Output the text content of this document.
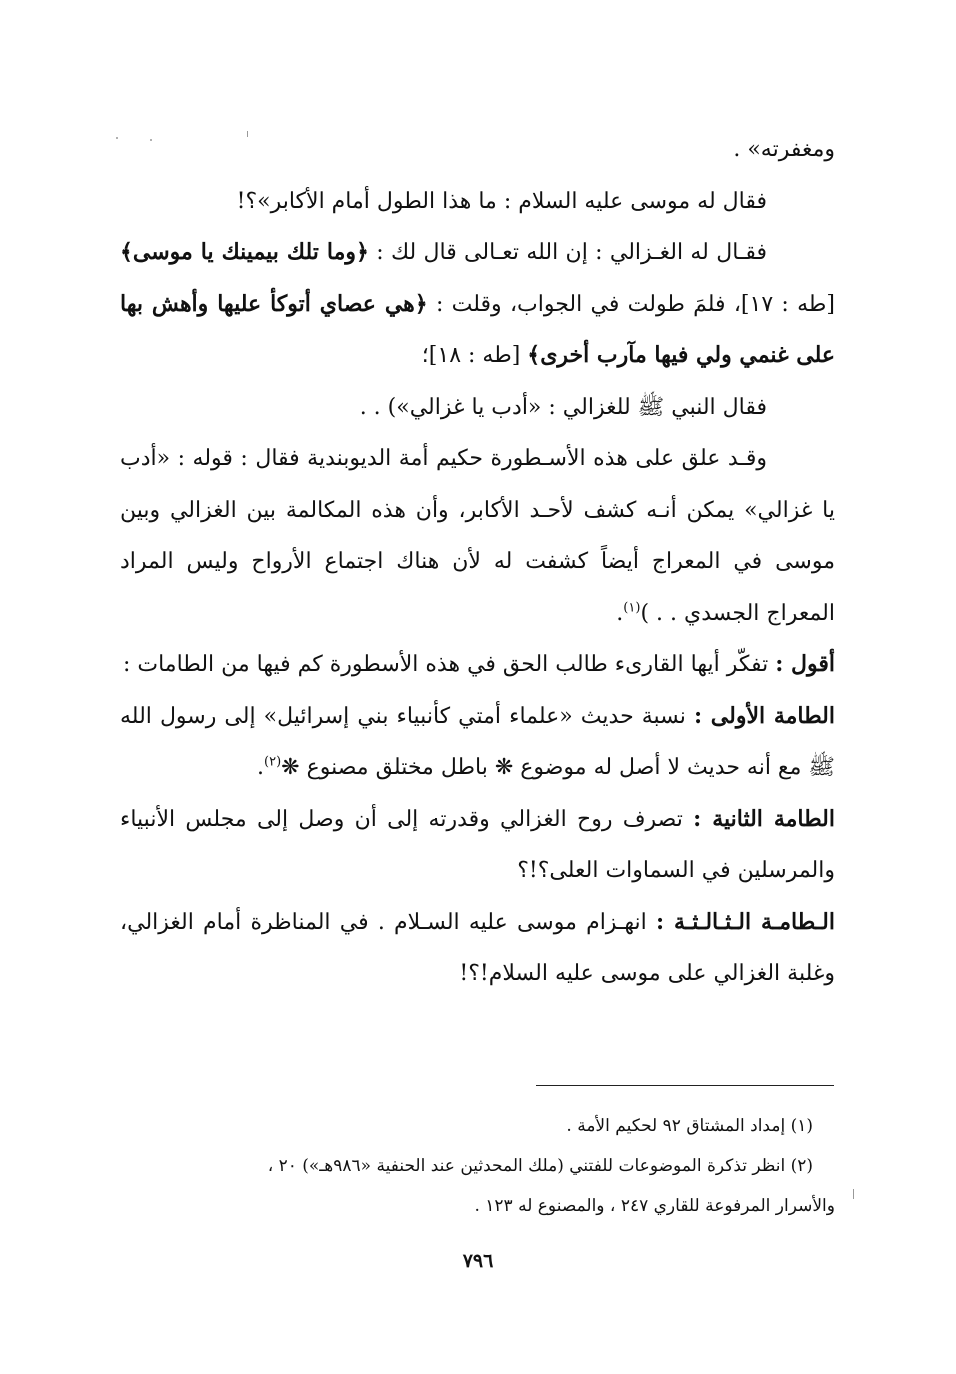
ومغفرته» .

فقال له موسى عليه السلام : ما هذا الطول أمام الأكابر»؟!

فقـال له الغـزالي : إن الله تعـالى قال لك : ﴿وما تلك بيمينك يا موسى﴾ [طه : ١٧]، فلمَ طولت في الجواب، وقلت : ﴿هي عصاي أتوكأ عليها وأهش بها على غنمي ولي فيها مآرب أخرى﴾ [طه : ١٨]؛

فقال النبي ﷺ للغزالي : «أدب يا غزالي») . .

وقـد علق على هذه الأسـطورة حكيم أمة الديوبندية فقال : قوله : «أدب يا غزالي» يمكن أنـه كشف لأحـد الأكابر، وأن هذه المكالمة بين الغزالي وبين موسى في المعراج أيضاً كشفت له لأن هناك اجتماع الأرواح وليس المراد المعراج الجسدي . . )$^{(١)}$.

أقول : تفكّر أيها القارىء طالب الحق في هذه الأسطورة كم فيها من الطامات :

الطامة الأولى : نسبة حديث «علماء أمتي كأنبياء بني إسرائيل» إلى رسول الله ﷺ مع أنه حديث لا أصل له موضوع ❋ باطل مختلق مصنوع ❋$^{(٢)}$.

الطامة الثانية : تصرف روح الغزالي وقدرته إلى أن وصل إلى مجلس الأنبياء والمرسلين في السماوات العلى؟!؟

الـطامـة الـثـالـثـة : انهـزام موسى عليه السـلام . في المناظرة أمام الغزالي، وغلبة الغزالي على موسى عليه السلام!؟!

(١) إمداد المشتاق ٩٢ لحكيم الأمة .

(٢) انظر تذكرة الموضوعات للفتني (ملك المحدثين عند الحنفية «٩٨٦هـ») ٢٠ ،

والأسرار المرفوعة للقاري ٢٤٧ ، والمصنوع له ١٢٣ .

٧٩٦
